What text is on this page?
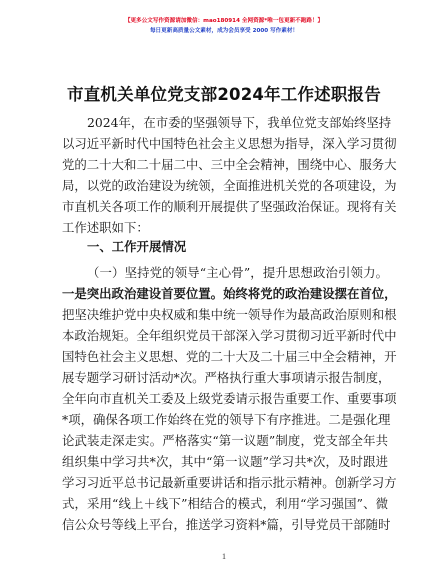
【更多公文写作资源请加微信：mao180914 全网资源*唯一包更新不跑路！】
每日更新高质量公文素材，成为会员享受 2000 写作素材！
市直机关单位党支部2024年工作述职报告
2024年，在市委的坚强领导下，我单位党支部始终坚持
以习近平新时代中国特色社会主义思想为指导，深入学习贯彻
党的二十大和二十届二中、三中全会精神，围绕中心、服务大
局，以党的政治建设为统领，全面推进机关党的各项建设，为
市直机关各项工作的顺利开展提供了坚强政治保证。现将有关
工作述职如下：
一、工作开展情况
（一）坚持党的领导“主心骨”，提升思想政治引领力。
一是突出政治建设首要位置。始终将党的政治建设摆在首位，
把坚决维护党中央权威和集中统一领导作为最高政治原则和根
本政治规矩。全年组织党员干部深入学习贯彻习近平新时代中
国特色社会主义思想、党的二十大及二十届三中全会精神，开
展专题学习研讨活动*次。严格执行重大事项请示报告制度，
全年向市直机关工委及上级党委请示报告重要工作、重要事项
*项，确保各项工作始终在党的领导下有序推进。二是强化理
论武装走深走实。严格落实“第一议题”制度，党支部全年共
组织集中学习共*次，其中“第一议题”学习共*次，及时跟进
学习习近平总书记最新重要讲话和指示批示精神。创新学习方
式，采用“线上＋线下”相结合的模式，利用“学习强国”、微
信公众号等线上平台，推送学习资料*篇，引导党员干部随时
1
